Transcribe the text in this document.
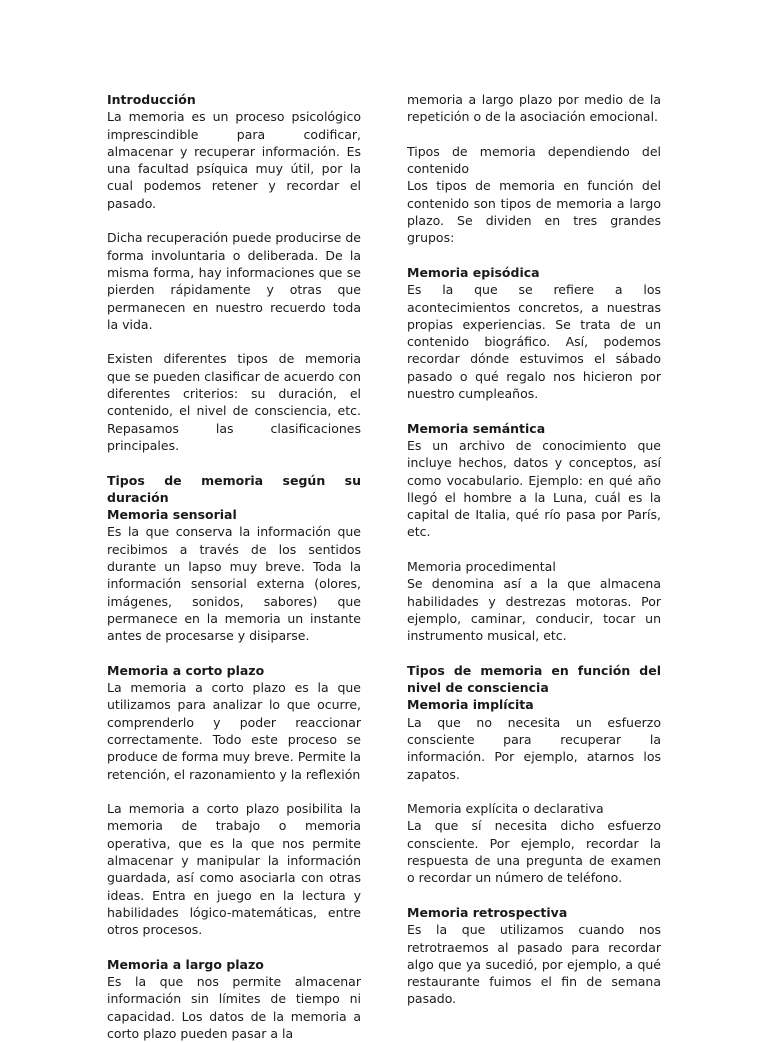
Introducción
La memoria es un proceso psicológico imprescindible para codificar, almacenar y recuperar información. Es una facultad psíquica muy útil, por la cual podemos retener y recordar el pasado.

Dicha recuperación puede producirse de forma involuntaria o deliberada. De la misma forma, hay informaciones que se pierden rápidamente y otras que permanecen en nuestro recuerdo toda la vida.

Existen diferentes tipos de memoria que se pueden clasificar de acuerdo con diferentes criterios: su duración, el contenido, el nivel de consciencia, etc. Repasamos las clasificaciones principales.

Tipos de memoria según su duración
Memoria sensorial
Es la que conserva la información que recibimos a través de los sentidos durante un lapso muy breve. Toda la información sensorial externa (olores, imágenes, sonidos, sabores) que permanece en la memoria un instante antes de procesarse y disiparse.

Memoria a corto plazo
La memoria a corto plazo es la que utilizamos para analizar lo que ocurre, comprenderlo y poder reaccionar correctamente. Todo este proceso se produce de forma muy breve. Permite la retención, el razonamiento y la reflexión

La memoria a corto plazo posibilita la memoria de trabajo o memoria operativa, que es la que nos permite almacenar y manipular la información guardada, así como asociarla con otras ideas. Entra en juego en la lectura y habilidades lógico-matemáticas, entre otros procesos.

Memoria a largo plazo
Es la que nos permite almacenar información sin límites de tiempo ni capacidad. Los datos de la memoria a corto plazo pueden pasar a la

memoria a largo plazo por medio de la repetición o de la asociación emocional.

Tipos de memoria dependiendo del contenido
Los tipos de memoria en función del contenido son tipos de memoria a largo plazo. Se dividen en tres grandes grupos:

Memoria episódica
Es la que se refiere a los acontecimientos concretos, a nuestras propias experiencias. Se trata de un contenido biográfico. Así, podemos recordar dónde estuvimos el sábado pasado o qué regalo nos hicieron por nuestro cumpleaños.

Memoria semántica
Es un archivo de conocimiento que incluye hechos, datos y conceptos, así como vocabulario. Ejemplo: en qué año llegó el hombre a la Luna, cuál es la capital de Italia, qué río pasa por París, etc.

Memoria procedimental
Se denomina así a la que almacena habilidades y destrezas motoras. Por ejemplo, caminar, conducir, tocar un instrumento musical, etc.

Tipos de memoria en función del nivel de consciencia
Memoria implícita
La que no necesita un esfuerzo consciente para recuperar la información. Por ejemplo, atarnos los zapatos.

Memoria explícita o declarativa
La que sí necesita dicho esfuerzo consciente. Por ejemplo, recordar la respuesta de una pregunta de examen o recordar un número de teléfono.

Memoria retrospectiva
Es la que utilizamos cuando nos retrotraemos al pasado para recordar algo que ya sucedió, por ejemplo, a qué restaurante fuimos el fin de semana pasado.
